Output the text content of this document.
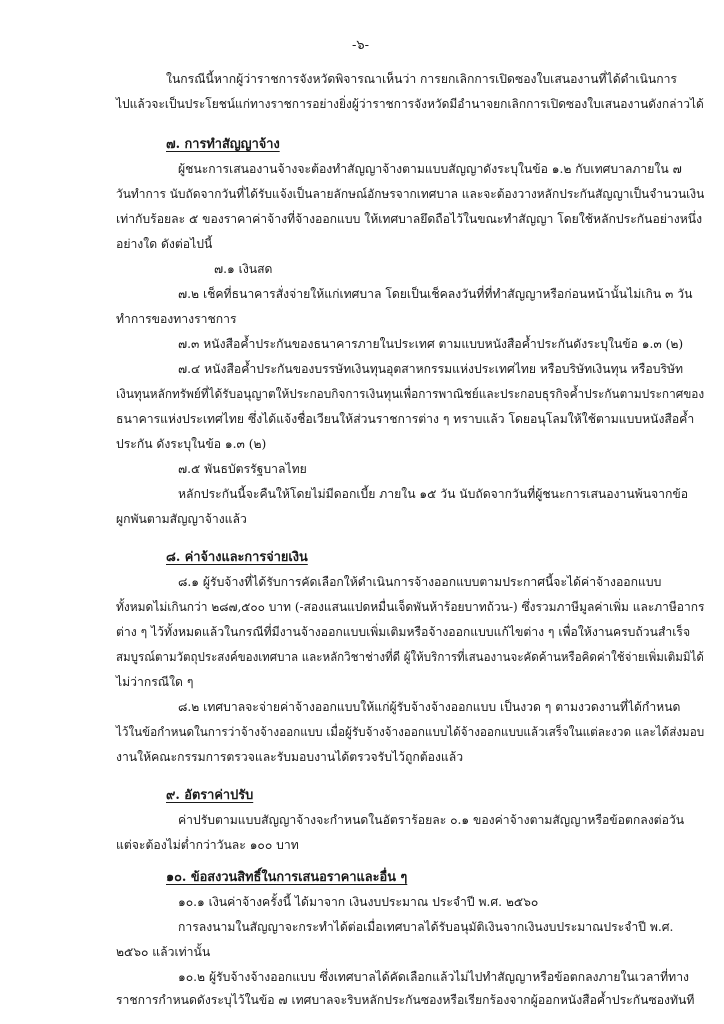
-๖-
ในกรณีนี้หากผู้ว่าราชการจังหวัดพิจารณาเห็นว่า การยกเลิกการเปิดซองใบเสนองานที่ได้ดำเนินการ
ไปแล้วจะเป็นประโยชน์แก่ทางราชการอย่างยิ่งผู้ว่าราชการจังหวัดมีอำนาจยกเลิกการเปิดซองใบเสนองานดังกล่าวได้
๗. การทำสัญญาจ้าง
ผู้ชนะการเสนองานจ้างจะต้องทำสัญญาจ้างตามแบบสัญญาดังระบุในข้อ ๑.๒ กับเทศบาลภายใน ๗
วันทำการ นับถัดจากวันที่ได้รับแจ้งเป็นลายลักษณ์อักษรจากเทศบาล และจะต้องวางหลักประกันสัญญาเป็นจำนวนเงิน
เท่ากับร้อยละ ๕ ของราคาค่าจ้างที่จ้างออกแบบ ให้เทศบาลยึดถือไว้ในขณะทำสัญญา โดยใช้หลักประกันอย่างหนึ่ง
อย่างใด ดังต่อไปนี้
๗.๑ เงินสด
๗.๒ เช็คที่ธนาคารสั่งจ่ายให้แก่เทศบาล โดยเป็นเช็คลงวันที่ที่ทำสัญญาหรือก่อนหน้านั้นไม่เกิน ๓ วัน
ทำการของทางราชการ
๗.๓ หนังสือค้ำประกันของธนาคารภายในประเทศ ตามแบบหนังสือค้ำประกันดังระบุในข้อ ๑.๓ (๒)
๗.๔ หนังสือค้ำประกันของบรรษัทเงินทุนอุตสาหกรรมแห่งประเทศไทย หรือบริษัทเงินทุน หรือบริษัท
เงินทุนหลักทรัพย์ที่ได้รับอนุญาตให้ประกอบกิจการเงินทุนเพื่อการพาณิชย์และประกอบธุรกิจค้ำประกันตามประกาศของ
ธนาคารแห่งประเทศไทย ซึ่งได้แจ้งชื่อเวียนให้ส่วนราชการต่าง ๆ ทราบแล้ว โดยอนุโลมให้ใช้ตามแบบหนังสือค้ำ
ประกัน ดังระบุในข้อ ๑.๓ (๒)
๗.๕ พันธบัตรรัฐบาลไทย
หลักประกันนี้จะคืนให้โดยไม่มีดอกเบี้ย ภายใน ๑๕ วัน นับถัดจากวันที่ผู้ชนะการเสนองานพ้นจากข้อ
ผูกพันตามสัญญาจ้างแล้ว
๘. ค่าจ้างและการจ่ายเงิน
๘.๑ ผู้รับจ้างที่ได้รับการคัดเลือกให้ดำเนินการจ้างออกแบบตามประกาศนี้จะได้ค่าจ้างออกแบบ
ทั้งหมดไม่เกินกว่า ๒๘๗,๕๐๐ บาท (-สองแสนแปดหมื่นเจ็ดพันห้าร้อยบาทถ้วน-) ซึ่งรวมภาษีมูลค่าเพิ่ม และภาษีอากร
ต่าง ๆ ไว้ทั้งหมดแล้วในกรณีที่มีงานจ้างออกแบบเพิ่มเติมหรือจ้างออกแบบแก้ไขต่าง ๆ เพื่อให้งานครบถ้วนสำเร็จ
สมบูรณ์ตามวัตถุประสงค์ของเทศบาล และหลักวิชาช่างที่ดี ผู้ให้บริการที่เสนองานจะคัดค้านหรือคิดค่าใช้จ่ายเพิ่มเติมมิได้
ไม่ว่ากรณีใด ๆ
๘.๒ เทศบาลจะจ่ายค่าจ้างออกแบบให้แก่ผู้รับจ้างจ้างออกแบบ เป็นงวด ๆ ตามงวดงานที่ได้กำหนด
ไว้ในข้อกำหนดในการว่าจ้างจ้างออกแบบ เมื่อผู้รับจ้างจ้างออกแบบได้จ้างออกแบบแล้วเสร็จในแต่ละงวด และได้ส่งมอบ
งานให้คณะกรรมการตรวจและรับมอบงานได้ตรวจรับไว้ถูกต้องแล้ว
๙. อัตราค่าปรับ
ค่าปรับตามแบบสัญญาจ้างจะกำหนดในอัตราร้อยละ ๐.๑ ของค่าจ้างตามสัญญาหรือข้อตกลงต่อวัน
แต่จะต้องไม่ต่ำกว่าวันละ ๑๐๐ บาท
๑๐. ข้อสงวนสิทธิ์ในการเสนอราคาและอื่น ๆ
๑๐.๑ เงินค่าจ้างครั้งนี้ ได้มาจาก เงินงบประมาณ ประจำปี พ.ศ. ๒๕๖๐
การลงนามในสัญญาจะกระทำได้ต่อเมื่อเทศบาลได้รับอนุมัติเงินจากเงินงบประมาณประจำปี พ.ศ.
๒๕๖๐ แล้วเท่านั้น
๑๐.๒ ผู้รับจ้างจ้างออกแบบ ซึ่งเทศบาลได้คัดเลือกแล้วไม่ไปทำสัญญาหรือข้อตกลงภายในเวลาที่ทาง
ราชการกำหนดดังระบุไว้ในข้อ ๗ เทศบาลจะริบหลักประกันซองหรือเรียกร้องจากผู้ออกหนังสือค้ำประกันซองทันที
